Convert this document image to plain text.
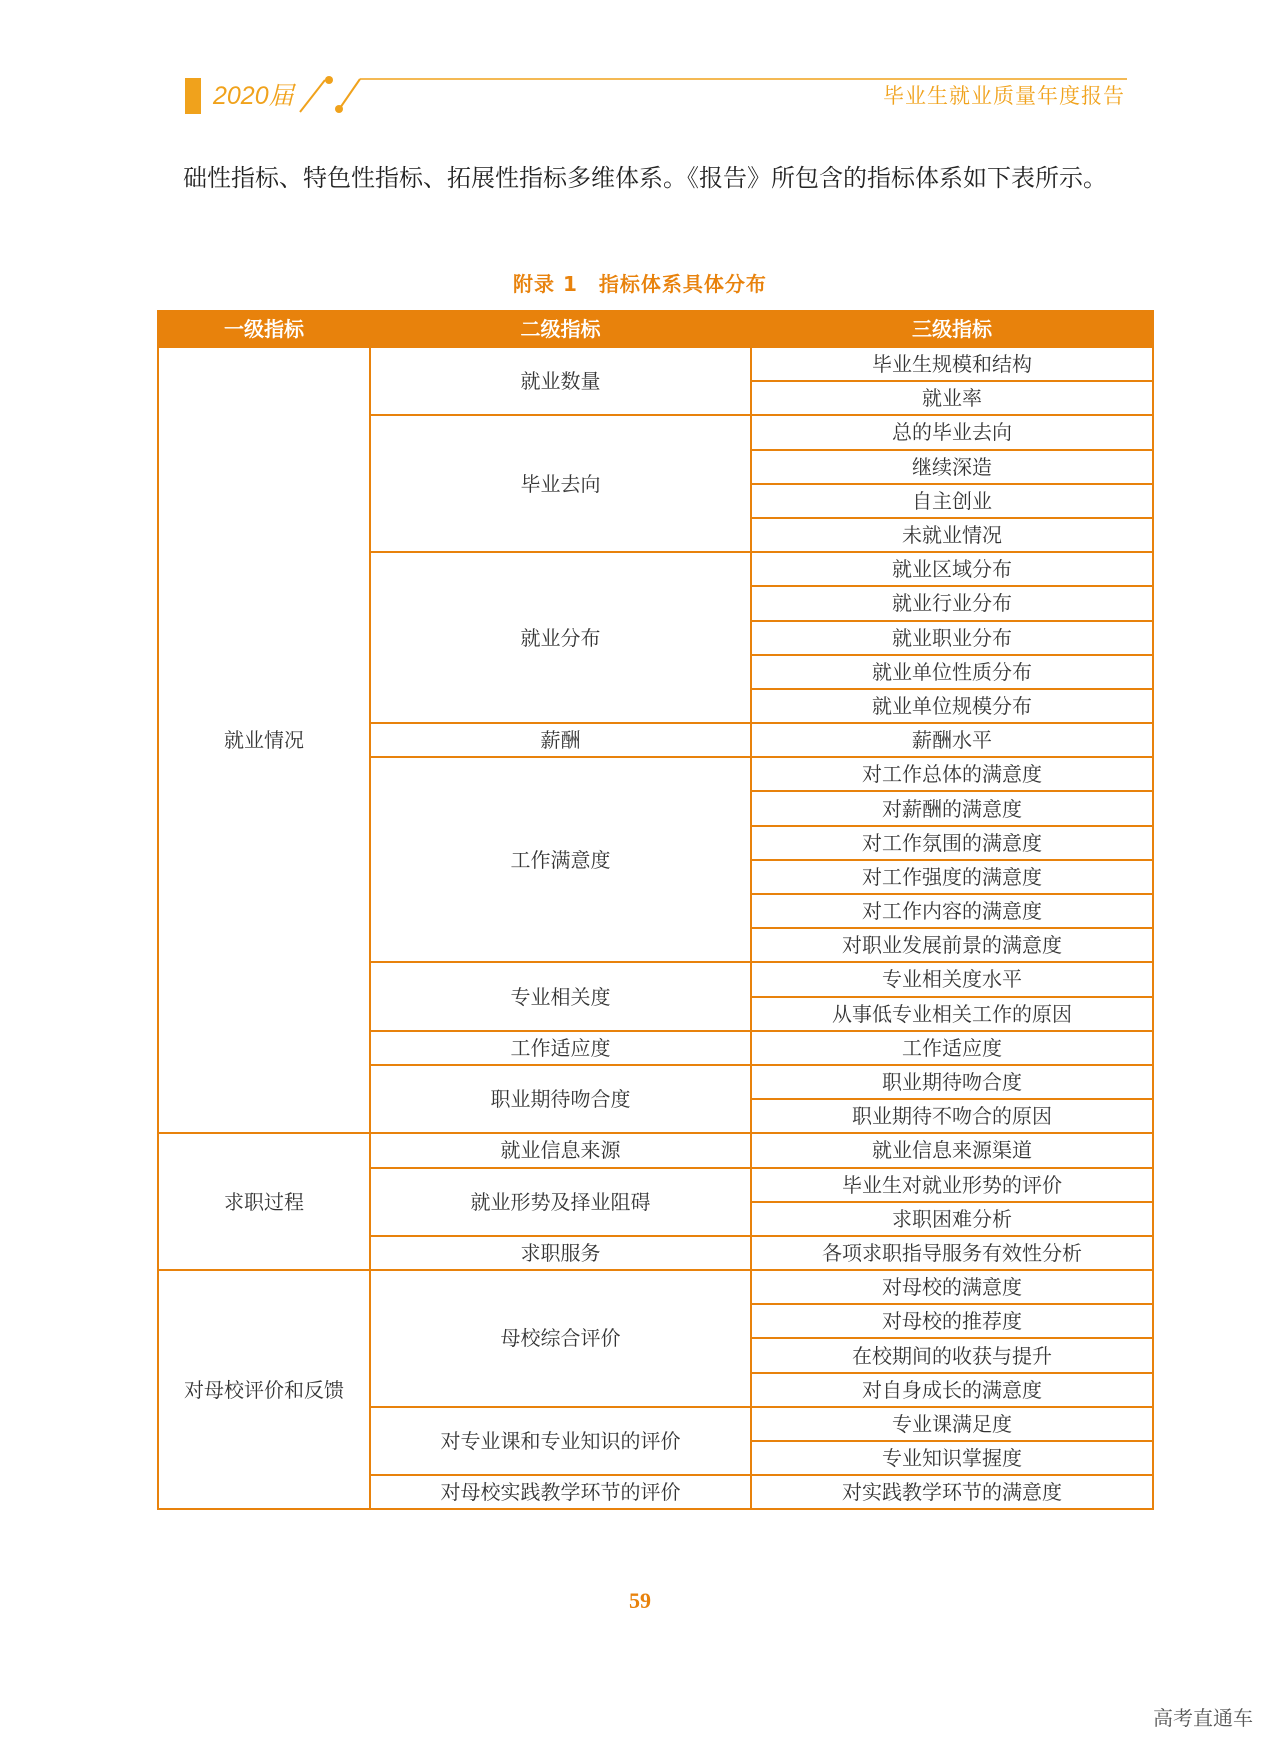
2020届	毕业生就业质量年度报告
础性指标、特色性指标、拓展性指标多维体系。《报告》所包含的指标体系如下表所示。
附录 1　指标体系具体分布
一级指标	二级指标	三级指标
就业情况	就业数量	毕业生规模和结构
		就业率
	毕业去向	总的毕业去向
		继续深造
		自主创业
		未就业情况
	就业分布	就业区域分布
		就业行业分布
		就业职业分布
		就业单位性质分布
		就业单位规模分布
	薪酬	薪酬水平
	工作满意度	对工作总体的满意度
		对薪酬的满意度
		对工作氛围的满意度
		对工作强度的满意度
		对工作内容的满意度
		对职业发展前景的满意度
	专业相关度	专业相关度水平
		从事低专业相关工作的原因
	工作适应度	工作适应度
	职业期待吻合度	职业期待吻合度
		职业期待不吻合的原因
求职过程	就业信息来源	就业信息来源渠道
	就业形势及择业阻碍	毕业生对就业形势的评价
		求职困难分析
	求职服务	各项求职指导服务有效性分析
对母校评价和反馈	母校综合评价	对母校的满意度
		对母校的推荐度
		在校期间的收获与提升
		对自身成长的满意度
	对专业课和专业知识的评价	专业课满足度
		专业知识掌握度
	对母校实践教学环节的评价	对实践教学环节的满意度
59
高考直通车
